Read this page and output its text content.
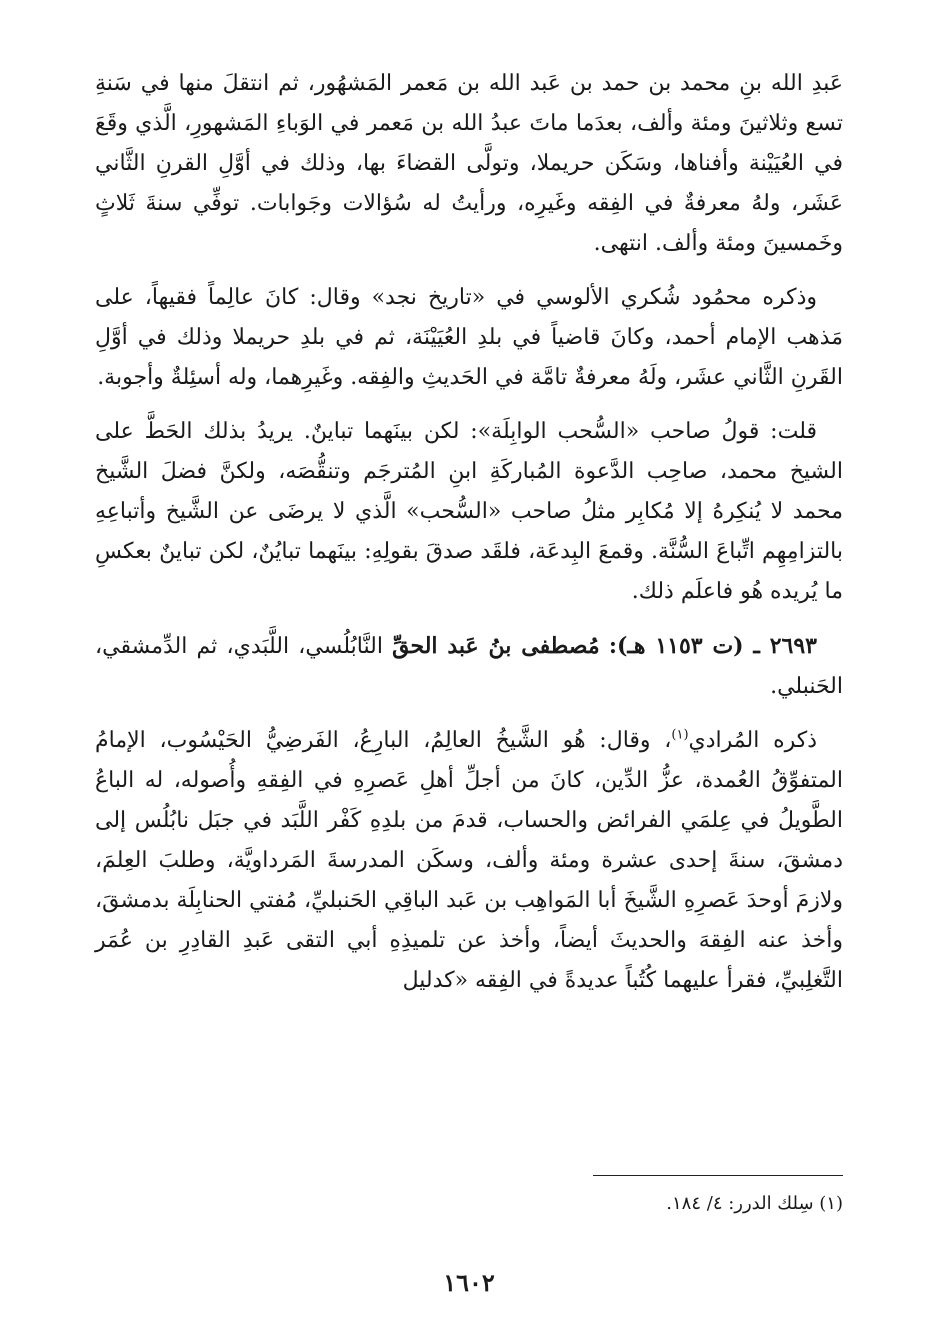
عَبدِ الله بنِ محمد بن حمد بن عَبد الله بن مَعمر المَشهُور، ثم انتقلَ منها في سَنةِ تسع وثلاثينَ ومئة وألف، بعدَما ماتَ عبدُ الله بن مَعمر في الوَباءِ المَشهورِ، الَّذي وقَعَ في العُيَيْنة وأفناها، وسَكَن حريملا، وتولَّى القضاءَ بها، وذلك في أوَّلِ القرنِ الثَّاني عَشَر، ولهُ معرفةٌ في الفِقه وغَيرِه، ورأيتُ له سُؤالات وجَوابات. توفِّي سنةَ ثَلاثٍ وخَمسينَ ومئة وألف. انتهى.

وذكره محمُود شُكري الألوسي في «تاريخ نجد» وقال: كانَ عالِماً فقيهاً، على مَذهب الإمام أحمد، وكانَ قاضياً في بلدِ العُيَيْنَة، ثم في بلدِ حريملا وذلك في أوَّلِ القَرنِ الثَّاني عشَر، ولَهُ معرفةٌ تامَّة في الحَديثِ والفِقه. وغَيرِهما، وله أسئِلةٌ وأجوبة.

قلت: قولُ صاحب «السُّحب الوابِلَة»: لكن بينَهما تباينٌ. يريدُ بذلك الحَطَّ على الشيخ محمد، صاحِب الدَّعوة المُباركَةِ ابنِ المُترجَم وتنقُّصَه، ولكنَّ فضلَ الشَّيخ محمد لا يُنكِرهُ إلا مُكابِر مثلُ صاحب «السُّحب» الَّذي لا يرضَى عن الشَّيخ وأتباعِهِ بالتزامِهِم اتِّباعَ السُّنَّة. وقمعَ البِدعَة، فلقَد صدقَ بقولِهِ: بينَهما تبايُنٌ، لكن تباينٌ بعكسِ ما يُريده هُو فاعلَم ذلك.

٢٦٩٣ ـ (ت ١١٥٣ هـ): مُصطفى بنُ عَبد الحقِّ النَّابُلُسي، اللَّبَدي، ثم الدِّمشقي، الحَنبلي.

ذكره المُرادي$^{(١)}$، وقال: هُو الشَّيخُ العالِمُ، البارِعُ، الفَرضِيُّ الحَيْسُوب، الإمامُ المتفوِّقُ العُمدة، عزُّ الدِّين، كانَ من أجلِّ أهلِ عَصرِهِ في الفِقهِ وأُصوله، له الباعُ الطَّويلُ في عِلمَي الفرائض والحساب، قدمَ من بلدِهِ كَفْر اللَّبَد في جبَل نابُلُس إلى دمشقَ، سنةَ إحدى عشرة ومئة وألف، وسكَن المدرسةَ المَرداويَّة، وطلبَ العِلمَ، ولازمَ أوحدَ عَصرِهِ الشَّيخَ أبا المَواهِب بن عَبد الباقِي الحَنبليِّ، مُفتي الحنابِلَة بدمشقَ، وأخذ عنه الفِقهَ والحديثَ أيضاً، وأخذ عن تلميذِهِ أبي التقى عَبدِ القادِرِ بن عُمَر التَّغلِبيِّ، فقرأ عليهما كُتُباً عديدةً في الفِقه «كدليل

(١) سِلك الدرر: ٤/ ١٨٤.
١٦٠٢
